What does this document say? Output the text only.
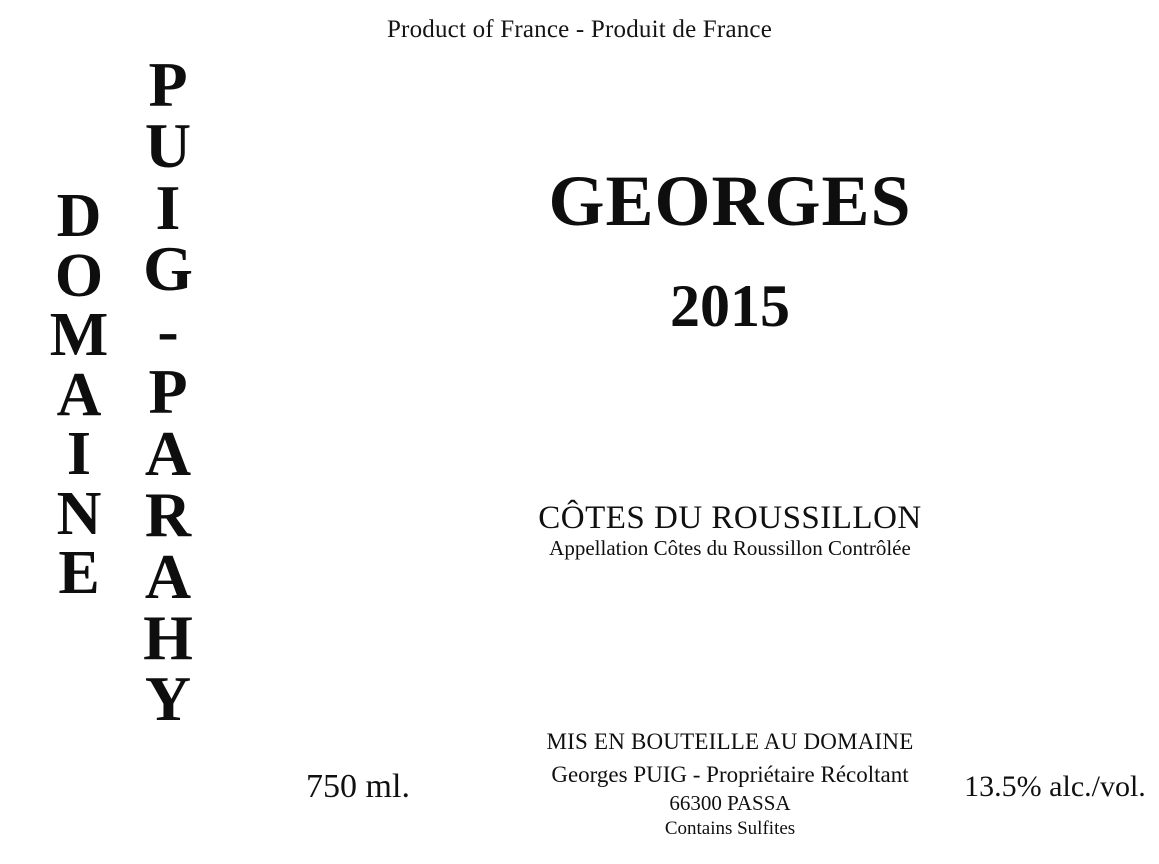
Product of France - Produit de France
D
O
M
A
I
N
E
P
U
I
G
-
P
A
R
A
H
Y
GEORGES
2015
CÔTES DU ROUSSILLON
Appellation Côtes du Roussillon Contrôlée
MIS EN BOUTEILLE AU DOMAINE
Georges PUIG - Propriétaire Récoltant
66300 PASSA
Contains Sulfites
750 ml.	13.5% alc./vol.
